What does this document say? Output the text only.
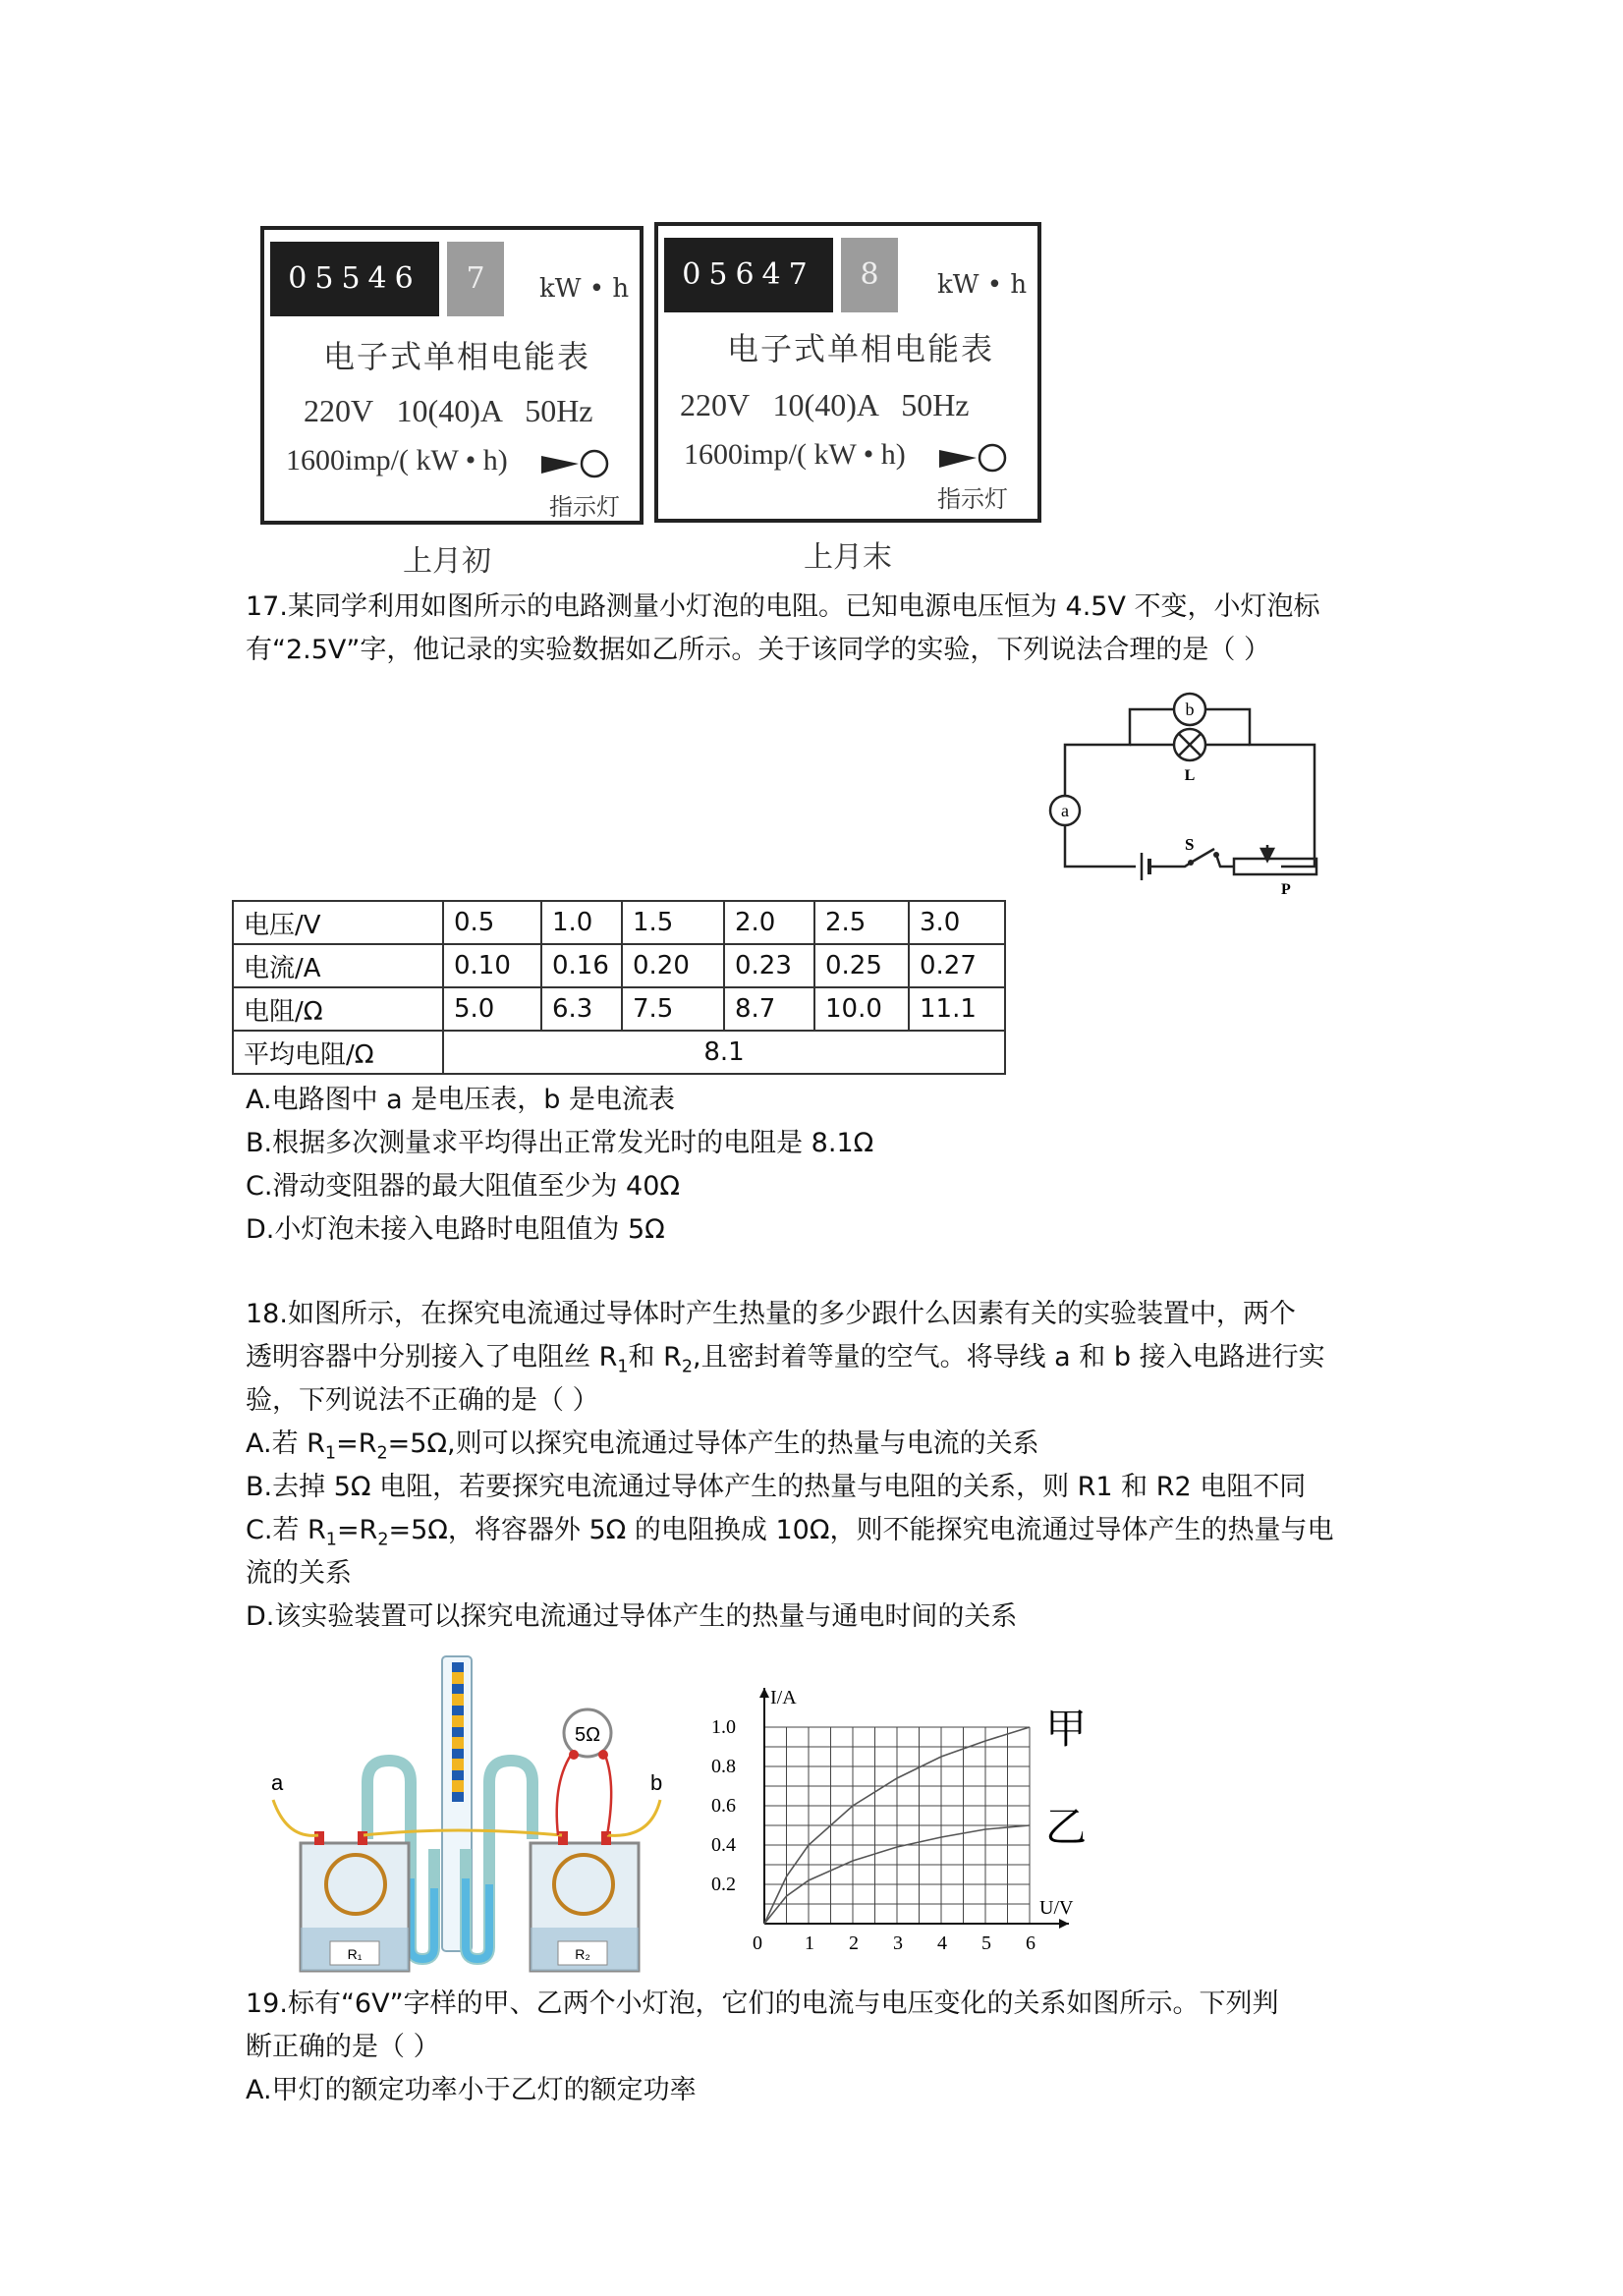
05546	7	kW • h
电子式单相电能表
220V   10(40)A   50Hz
1600imp/( kW • h)
指示灯
上月初
05647	8	kW • h
电子式单相电能表
220V   10(40)A   50Hz
1600imp/( kW • h)
指示灯
上月末
17.某同学利用如图所示的电路测量小灯泡的电阻。已知电源电压恒为 4.5V 不变，小灯泡标
有“2.5V”字，他记录的实验数据如乙所示。关于该同学的实验，下列说法合理的是（ ）
b
L
a
S
P
电压/V	0.5	1.0	1.5	2.0	2.5	3.0
电流/A	0.10	0.16	0.20	0.23	0.25	0.27
电阻/Ω	5.0	6.3	7.5	8.7	10.0	11.1
平均电阻/Ω	8.1					
A.电路图中 a 是电压表，b 是电流表
B.根据多次测量求平均得出正常发光时的电阻是 8.1Ω
C.滑动变阻器的最大阻值至少为 40Ω
D.小灯泡未接入电路时电阻值为 5Ω
18.如图所示，在探究电流通过导体时产生热量的多少跟什么因素有关的实验装置中，两个
透明容器中分别接入了电阻丝 $R_1$和 $R_2$,且密封着等量的空气。将导线 a 和 b 接入电路进行实
验，下列说法不正确的是（ ）
A.若 $R_1=R_2=5\Omega$,则可以探究电流通过导体产生的热量与电流的关系
B.去掉 5Ω 电阻，若要探究电流通过导体产生的热量与电阻的关系，则 R1 和 R2 电阻不同
C.若 $R_1=R_2=5\Omega$，将容器外 5Ω 的电阻换成 10Ω，则不能探究电流通过导体产生的热量与电
流的关系
D.该实验装置可以探究电流通过导体产生的热量与通电时间的关系
R₁	R₂
5Ω
a	b
0 1 2 3 4 5 6
0.2
0.4
0.6
0.8
1.0
I/A
U/V
甲
乙
19.标有“6V”字样的甲、乙两个小灯泡，它们的电流与电压变化的关系如图所示。下列判
断正确的是（ ）
A.甲灯的额定功率小于乙灯的额定功率
